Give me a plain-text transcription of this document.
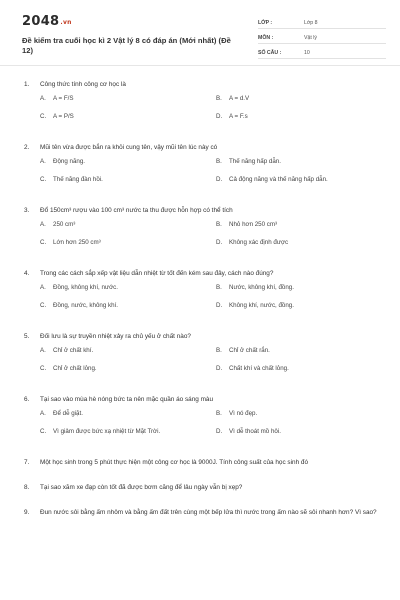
2048.vn
Đề kiểm tra cuối học kì 2 Vật lý 8 có đáp án (Mới nhất) (Đề 12)
LỚP :	Lớp 8
MÔN :	Vật lý
SỐ CÂU :	10
1.	Công thức tính công cơ học là
A.	A = F/S	B.	A = d.V
C.	A = P/S	D.	A = F.s
2.	Mũi tên vừa được bắn ra khỏi cung tên, vậy mũi tên lúc này có
A.	Động năng.	B.	Thế năng hấp dẫn.
C.	Thế năng đàn hồi.	D.	Cả động năng và thế năng hấp dẫn.
3.	Đổ 150cm³ rượu vào 100 cm³ nước ta thu được hỗn hợp có thể tích
A.	250 cm³	B.	Nhỏ hơn 250 cm³
C.	Lớn hơn 250 cm³	D.	Không xác định được
4.	Trong các cách sắp xếp vật liệu dẫn nhiệt từ tốt đến kém sau đây, cách nào đúng?
A.	Đồng, không khí, nước.	B.	Nước, không khí, đồng.
C.	Đồng, nước, không khí.	D.	Không khí, nước, đồng.
5.	Đối lưu là sự truyền nhiệt xảy ra chủ yếu ở chất nào?
A.	Chỉ ở chất khí.	B.	Chỉ ở chất rắn.
C.	Chỉ ở chất lỏng.	D.	Chất khí và chất lỏng.
6.	Tại sao vào mùa hè nóng bức ta nên mặc quần áo sáng màu
A.	Để dễ giặt.	B.	Vì nó đẹp.
C.	Vì giảm được bức xạ nhiệt từ Mặt Trời.	D.	Vì dễ thoát mồ hôi.
7.	Một học sinh trong 5 phút thực hiện một công cơ học là 9000J. Tính công suất của học sinh đó
8.	Tại sao xăm xe đạp còn tốt đã được bơm căng để lâu ngày vẫn bị xẹp?
9.	Đun nước sôi bằng ấm nhôm và bằng ấm đất trên cùng một bếp lửa thì nước trong ấm nào sẽ sôi nhanh hơn? Vì sao?
